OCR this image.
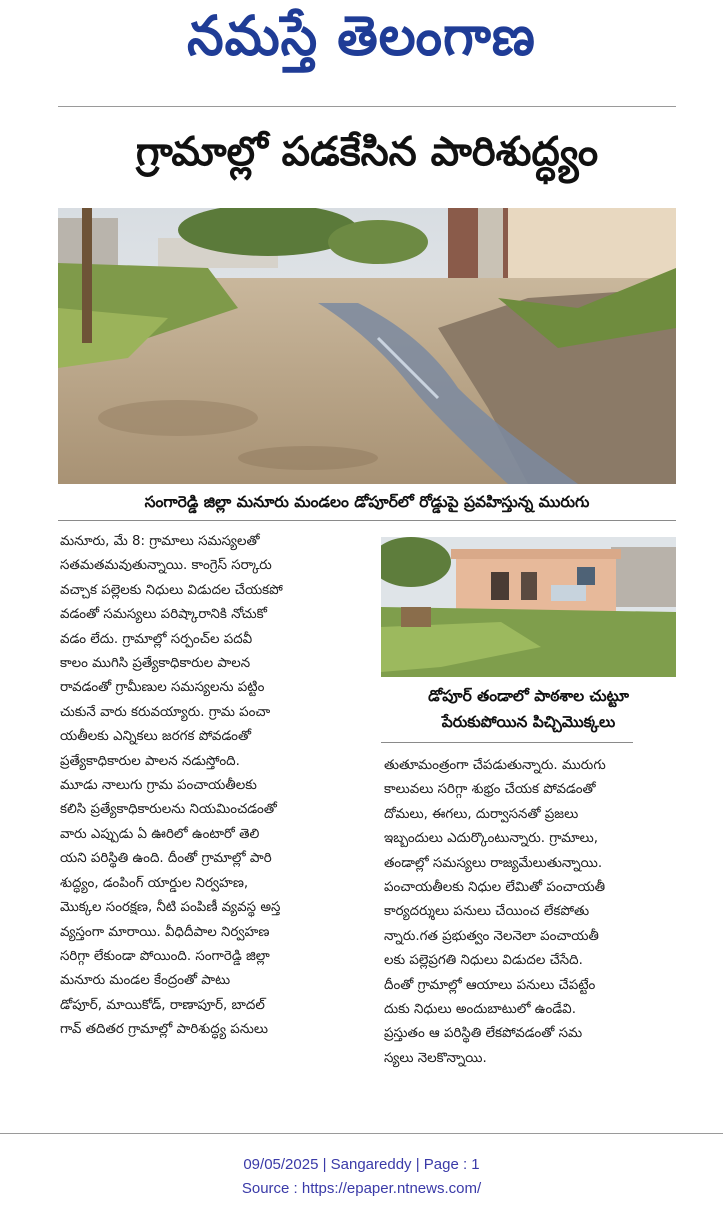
నమస్తే తెలంగాణ
గ్రామాల్లో పడకేసిన పారిశుద్ధ్యం
సంగారెడ్డి జిల్లా మనూరు మండలం డోపూర్‌లో రోడ్డుపై ప్రవహిస్తున్న మురుగు
మనూరు, మే 8: గ్రామాలు సమస్యలతో
సతమతమవుతున్నాయి. కాంగ్రెస్ సర్కారు
వచ్చాక పల్లెలకు నిధులు విడుదల చేయకపో
వడంతో సమస్యలు పరిష్కారానికి నోచుకో
వడం లేదు. గ్రామాల్లో సర్పంచ్‌ల పదవీ
కాలం ముగిసి ప్రత్యేకాధికారుల పాలన
రావడంతో గ్రామీణుల సమస్యలను పట్టిం
చుకునే వారు కరువయ్యారు. గ్రామ పంచా
యతీలకు ఎన్నికలు జరగక పోవడంతో
ప్రత్యేకాధికారుల పాలన నడుస్తోంది.
మూడు నాలుగు గ్రామ పంచాయతీలకు
కలిసి ప్రత్యేకాధికారులను నియమించడంతో
వారు ఎప్పుడు ఏ ఊరిలో ఉంటారో తెలి
యని పరిస్థితి ఉంది. దీంతో గ్రామాల్లో పారి
శుద్ధ్యం, డంపింగ్ యార్డుల నిర్వహణ,
మొక్కల సంరక్షణ, నీటి పంపిణీ వ్యవస్థ అస్త
వ్యస్తంగా మారాయి. వీధిదీపాల నిర్వహణ
సరిగ్గా లేకుండా పోయింది. సంగారెడ్డి జిల్లా
మనూరు మండల కేంద్రంతో పాటు
డోపూర్, మాయికోడ్, రాణాపూర్, బాదల్
గావ్ తదితర గ్రామాల్లో పారిశుద్ధ్య పనులు
డోపూర్ తండాలో పాఠశాల చుట్టూ
పేరుకుపోయిన పిచ్చిమొక్కలు
తుతూమంత్రంగా చేపడుతున్నారు. మురుగు
కాలువలు సరిగ్గా శుభ్రం చేయక పోవడంతో
దోమలు, ఈగలు, దుర్వాసనతో ప్రజలు
ఇబ్బందులు ఎదుర్కొంటున్నారు. గ్రామాలు,
తండాల్లో సమస్యలు రాజ్యమేలుతున్నాయి.
పంచాయతీలకు నిధుల లేమితో పంచాయతీ
కార్యదర్శులు పనులు చేయించ లేకపోతు
న్నారు.గత ప్రభుత్వం నెలనెలా పంచాయతీ
లకు పల్లెప్రగతి నిధులు విడుదల చేసేది.
దీంతో గ్రామాల్లో ఆయాలు పనులు చేపట్టేం
దుకు నిధులు అందుబాటులో ఉండేవి.
ప్రస్తుతం ఆ పరిస్థితి లేకపోవడంతో సమ
స్యలు నెలకొన్నాయి.
09/05/2025 | Sangareddy | Page : 1
Source : https://epaper.ntnews.com/
